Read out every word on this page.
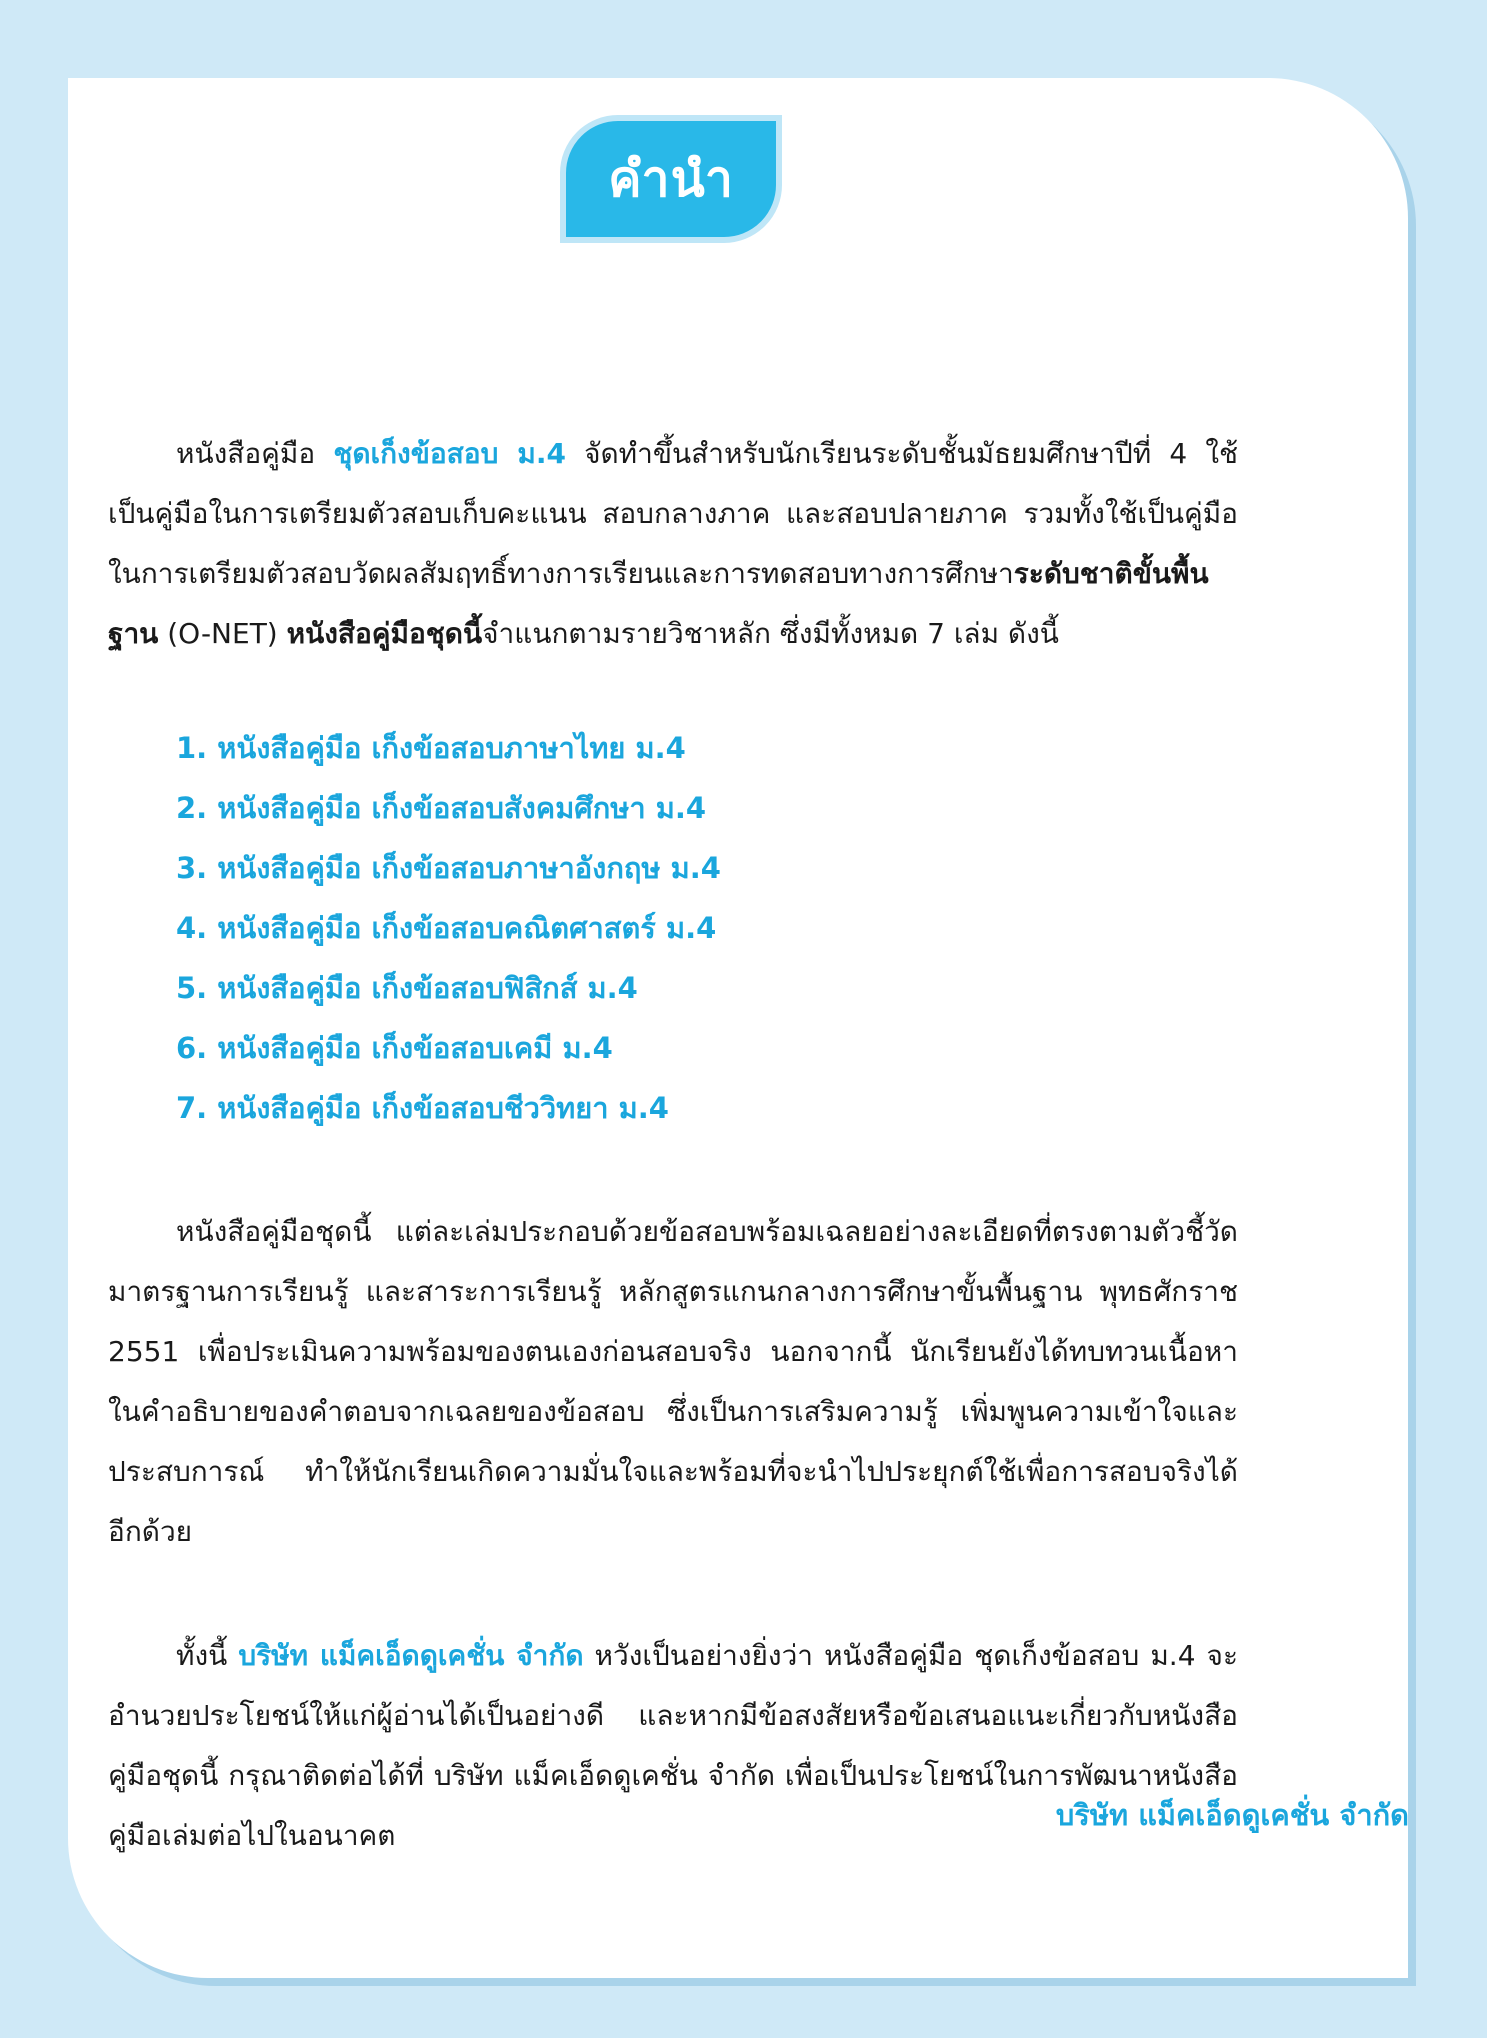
คำนำ

หนังสือคู่มือ ชุดเก็งข้อสอบ ม.4 จัดทำขึ้นสำหรับนักเรียนระดับชั้นมัธยมศึกษาปีที่ 4 ใช้เป็นคู่มือในการเตรียมตัวสอบเก็บคะแนน สอบกลางภาค และสอบปลายภาค รวมทั้งใช้เป็นคู่มือในการเตรียมตัวสอบวัดผลสัมฤทธิ์ทางการเรียนและการทดสอบทางการศึกษาระดับชาติขั้นพื้นฐาน (O-NET) หนังสือคู่มือชุดนี้จำแนกตามรายวิชาหลัก ซึ่งมีทั้งหมด 7 เล่ม ดังนี้

1. หนังสือคู่มือ เก็งข้อสอบภาษาไทย ม.4
2. หนังสือคู่มือ เก็งข้อสอบสังคมศึกษา ม.4
3. หนังสือคู่มือ เก็งข้อสอบภาษาอังกฤษ ม.4
4. หนังสือคู่มือ เก็งข้อสอบคณิตศาสตร์ ม.4
5. หนังสือคู่มือ เก็งข้อสอบฟิสิกส์ ม.4
6. หนังสือคู่มือ เก็งข้อสอบเคมี ม.4
7. หนังสือคู่มือ เก็งข้อสอบชีววิทยา ม.4

หนังสือคู่มือชุดนี้ แต่ละเล่มประกอบด้วยข้อสอบพร้อมเฉลยอย่างละเอียดที่ตรงตามตัวชี้วัด มาตรฐานการเรียนรู้ และสาระการเรียนรู้ หลักสูตรแกนกลางการศึกษาขั้นพื้นฐาน พุทธศักราช 2551 เพื่อประเมินความพร้อมของตนเองก่อนสอบจริง นอกจากนี้ นักเรียนยังได้ทบทวนเนื้อหาในคำอธิบายของคำตอบจากเฉลยของข้อสอบ ซึ่งเป็นการเสริมความรู้ เพิ่มพูนความเข้าใจและประสบการณ์ ทำให้นักเรียนเกิดความมั่นใจและพร้อมที่จะนำไปประยุกต์ใช้เพื่อการสอบจริงได้อีกด้วย

ทั้งนี้ บริษัท แม็คเอ็ดดูเคชั่น จำกัด หวังเป็นอย่างยิ่งว่า หนังสือคู่มือ ชุดเก็งข้อสอบ ม.4 จะอำนวยประโยชน์ให้แก่ผู้อ่านได้เป็นอย่างดี และหากมีข้อสงสัยหรือข้อเสนอแนะเกี่ยวกับหนังสือคู่มือชุดนี้ กรุณาติดต่อได้ที่ บริษัท แม็คเอ็ดดูเคชั่น จำกัด เพื่อเป็นประโยชน์ในการพัฒนาหนังสือคู่มือเล่มต่อไปในอนาคต

บริษัท แม็คเอ็ดดูเคชั่น จำกัด
